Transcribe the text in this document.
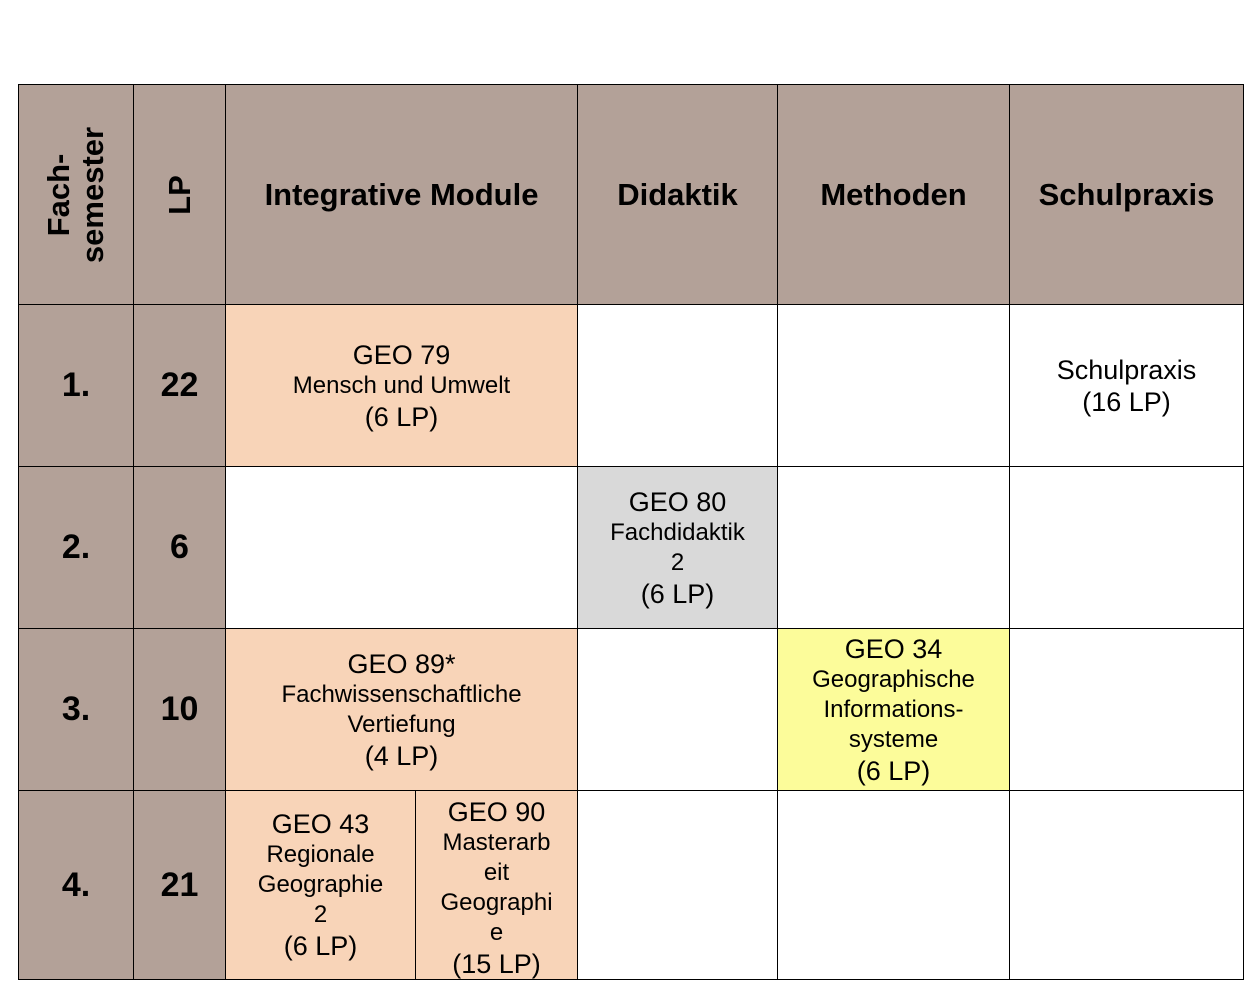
Fach- semester LP Integrative Module	Didaktik	Methoden Schulpraxis
1. 22
GEO 79
Mensch und Umwelt
(6 LP)
Schulpraxis
(16 LP)
2. 6
GEO 80
Fachdidaktik
2
(6 LP)
3. 10
GEO 89*
Fachwissenschaftliche
Vertiefung
(4 LP)
GEO 34
Geographische
Informations-
systeme
(6 LP)
4. 21
GEO 43
Regionale
Geographie
2
(6 LP)
GEO 90
Masterarb
eit
Geographi
e
(15 LP)
